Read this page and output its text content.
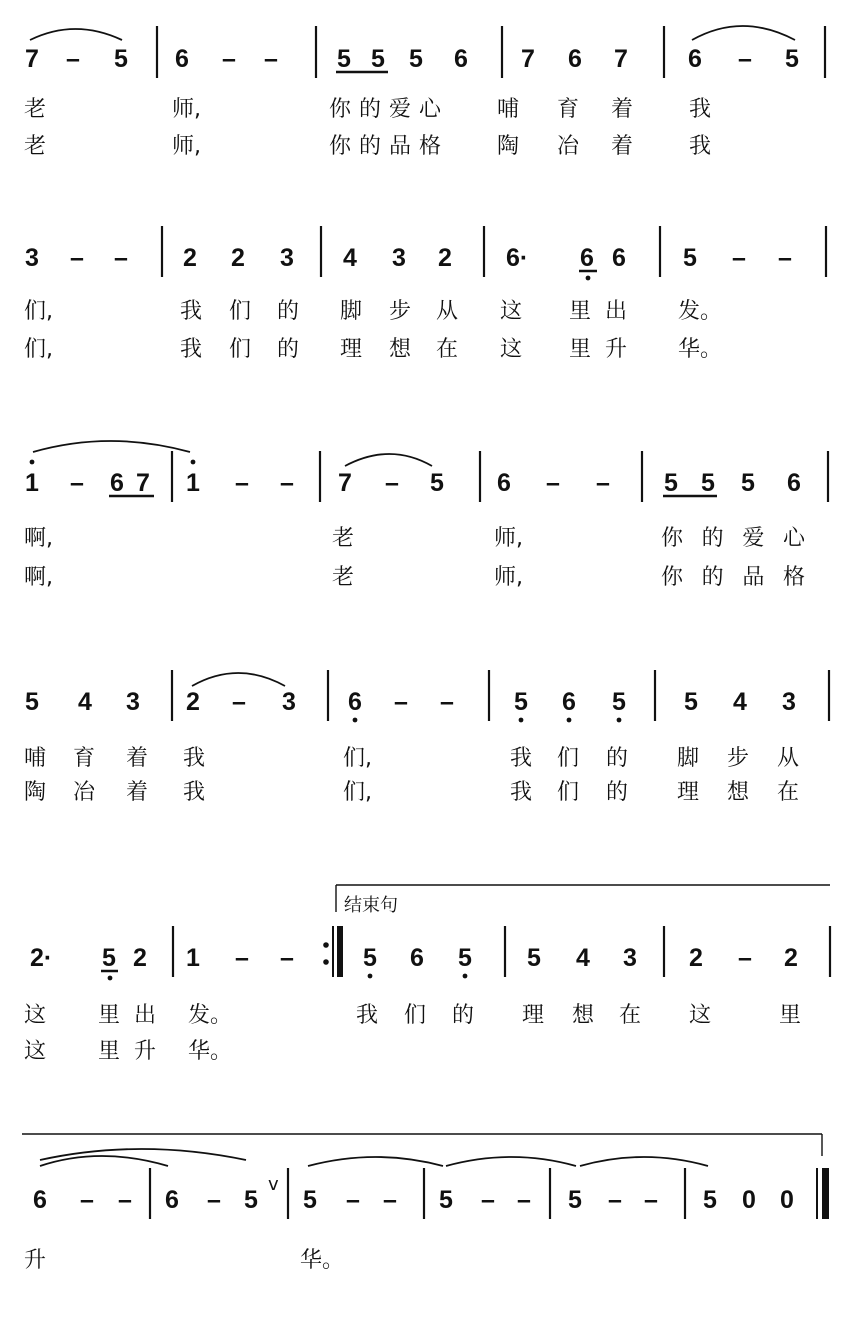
7 – 5 6 – – 5 5 5 6 7 6 7 6 – 5
老	师,	你的爱心	哺 育 着	我
老	师,	你的品格	陶 冶 着	我
3 – – 2 2 3 4 3 2 6· 6 6 5 – –
们,	我 们 的 脚 步 从 这 里出 发。
们,	我 们 的 理 想 在 这 里升 华。
1 – 6 7 1 – – 7 – 5 6 – – 5 5 5 6
啊,	老	师,	你的爱心
啊,	老	师,	你的品格
5 4 3 2 – 3 6 – – 5 6 5 5 4 3
哺 育 着 我	们,	我 们 的 脚 步 从
陶 冶 着 我	们,	我 们 的 理 想 在
结束句
2· 5 2 1 – –	5 6 5 5 4 3 2 – 2
这 里出 发。	我 们 的 理 想 在 这	里
这 里升 华。
6 – – 6 – 5
v
5 – – 5 – – 5 – – 5 0 0
升	华。
